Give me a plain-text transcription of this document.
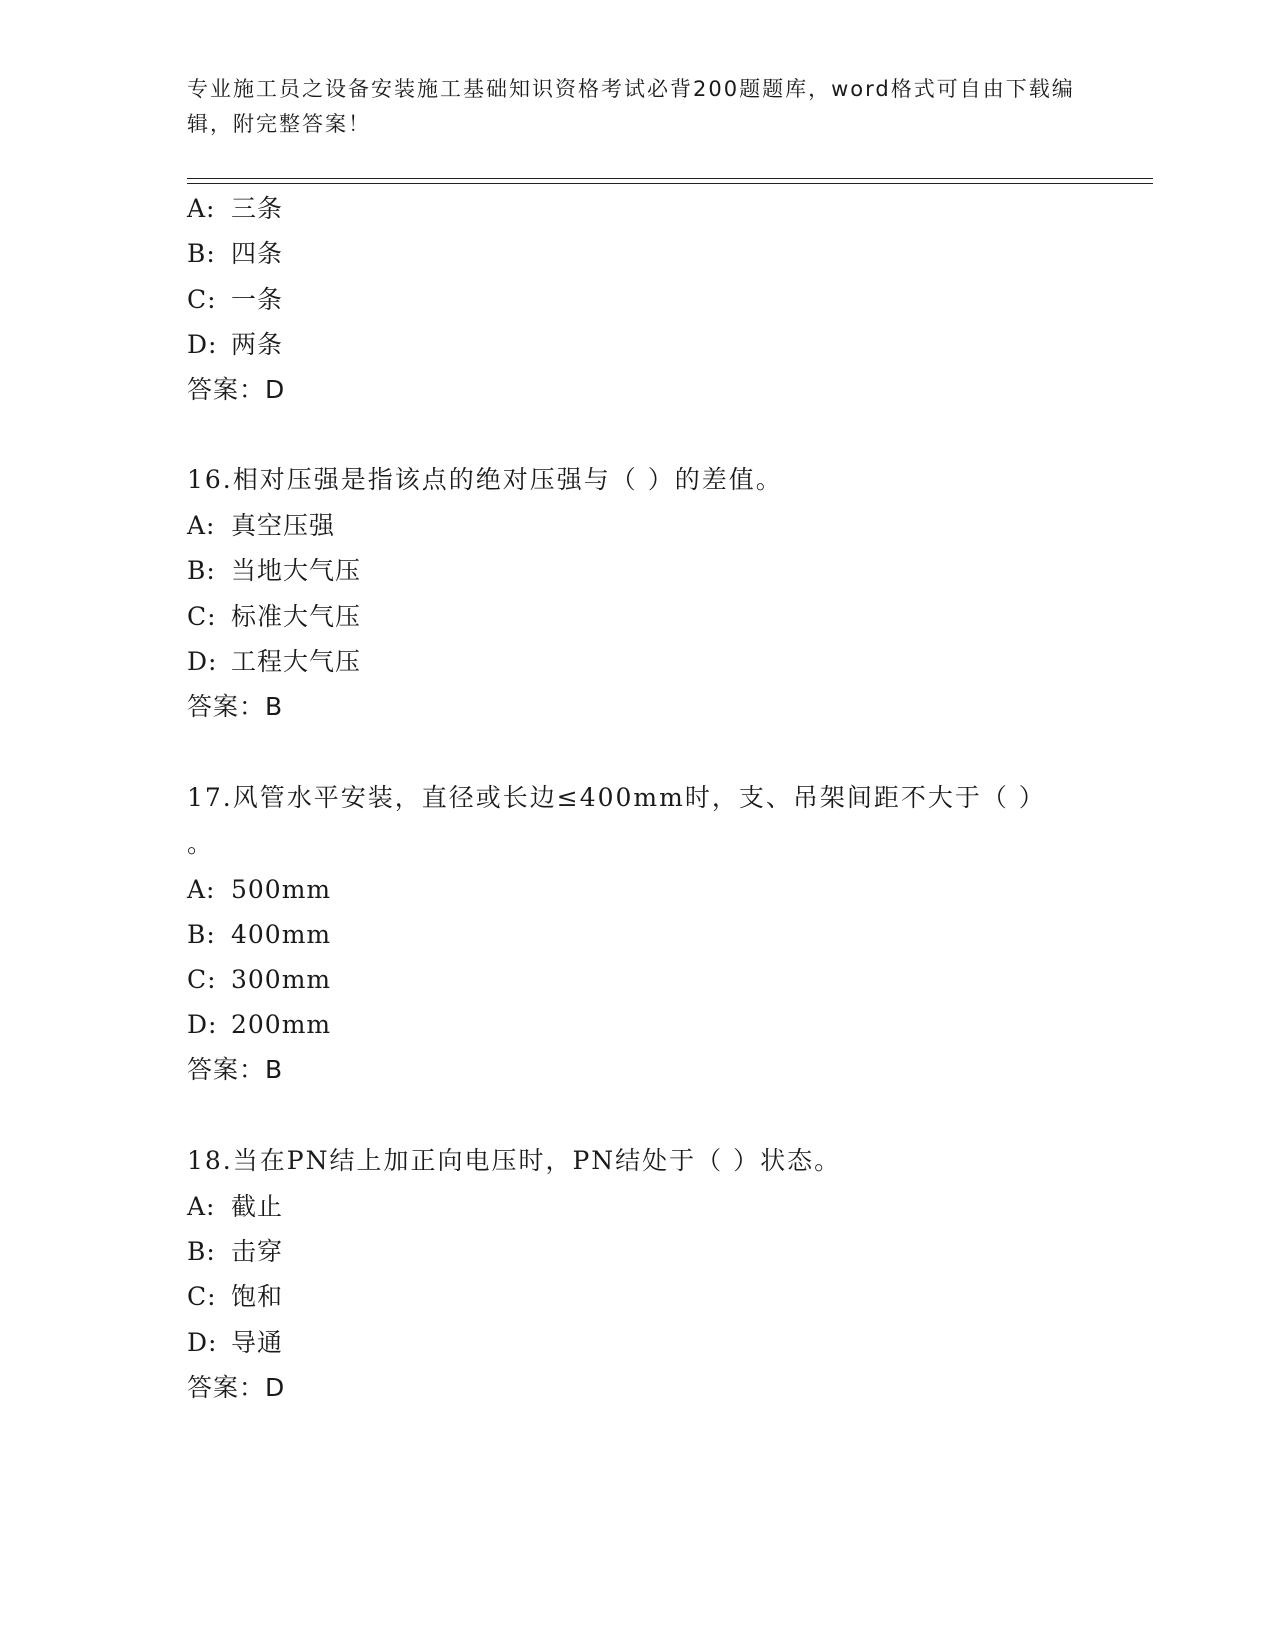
专业施工员之设备安装施工基础知识资格考试必背200题题库，word格式可自由下载编辑，附完整答案！

A: 三条
B: 四条
C: 一条
D: 两条
答案：D
16.相对压强是指该点的绝对压强与（ ）的差值。
A: 真空压强
B: 当地大气压
C: 标准大气压
D: 工程大气压
答案：B
17.风管水平安装，直径或长边≤400mm时，支、吊架间距不大于（ ）
。
A: 500mm
B: 400mm
C: 300mm
D: 200mm
答案：B
18.当在PN结上加正向电压时，PN结处于（ ）状态。
A: 截止
B: 击穿
C: 饱和
D: 导通
答案：D
